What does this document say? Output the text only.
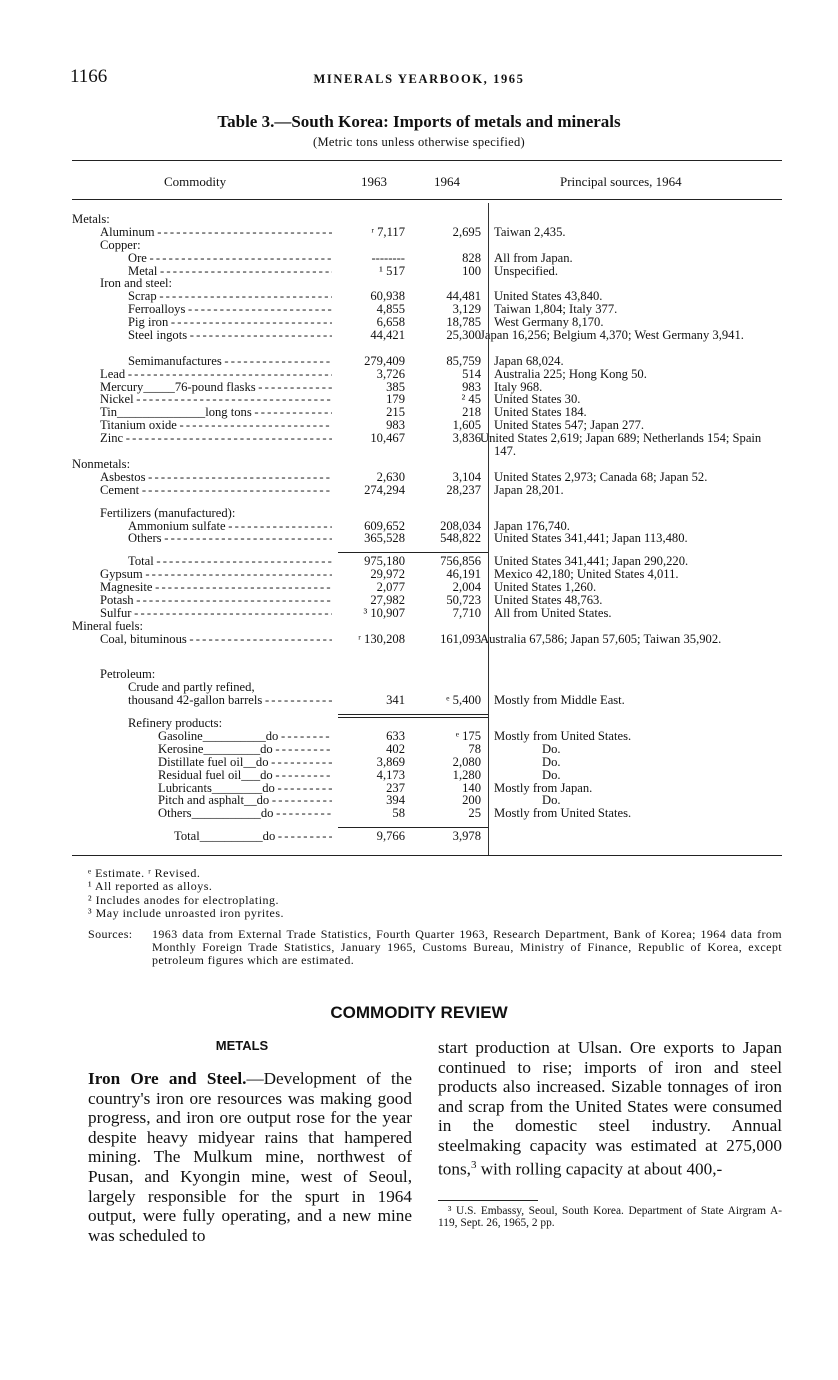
1166	MINERALS YEARBOOK, 1965
Table 3.—South Korea: Imports of metals and minerals
(Metric tons unless otherwise specified)
Commodity	1963	1964	Principal sources, 1964
Metals:
Aluminum - - -	ʳ 7,117	2,695 Taiwan 2,435.
Copper:
Ore - - -	--------	828 All from Japan.
Metal - - -	¹ 517	100 Unspecified.
Iron and steel:
Scrap - - -	60,938	44,481 United States 43,840.
Ferroalloys - - -	4,855	3,129 Taiwan 1,804; Italy 377.
Pig iron - - -	6,658	18,785 West Germany 8,170.
Steel ingots - - -	44,421	25,300 Japan 16,256; Belgium 4,370; West Germany 3,941.
Semimanufactures - - -	279,409	85,759 Japan 68,024.
Lead - - -	3,726	514 Australia 225; Hong Kong 50.
Mercury_____76-pound flasks - - -	385	983 Italy 968.
Nickel - - -	179	² 45 United States 30.
Tin______________long tons - - -	215	218 United States 184.
Titanium oxide - - -	983	1,605 United States 547; Japan 277.
Zinc - - -	10,467	3,836 United States 2,619; Japan 689; Netherlands 154; Spain 147.
Nonmetals:
Asbestos - - -	2,630	3,104 United States 2,973; Canada 68; Japan 52.
Cement - - -	274,294	28,237 Japan 28,201.
Fertilizers (manufactured):
Ammonium sulfate - - -	609,652	208,034 Japan 176,740.
Others - - -	365,528	548,822 United States 341,441; Japan 113,480.
Total - - -	975,180	756,856 United States 341,441; Japan 290,220.
Gypsum - - -	29,972	46,191 Mexico 42,180; United States 4,011.
Magnesite - - -	2,077	2,004 United States 1,260.
Potash - - -	27,982	50,723 United States 48,763.
Sulfur - - -	³ 10,907	7,710 All from United States.
Mineral fuels:
Coal, bituminous - - -	ʳ 130,208	161,093 Australia 67,586; Japan 57,605; Taiwan 35,902.
Petroleum:
Crude and partly refined,
thousand 42-gallon barrels - - -	341	ᵉ 5,400 Mostly from Middle East.
Refinery products:
Gasoline__________do - - -	633	ᵉ 175 Mostly from United States.
Kerosine_________do - - -	402	78	Do.
Distillate fuel oil__do - - -	3,869	2,080	Do.
Residual fuel oil___do - - -	4,173	1,280	Do.
Lubricants________do - - -	237	140 Mostly from Japan.
Pitch and asphalt__do - - -	394	200	Do.
Others___________do - - -	58	25 Mostly from United States.
Total__________do - - -	9,766	3,978
ᵉ Estimate. ʳ Revised.
¹ All reported as alloys.
² Includes anodes for electroplating.
³ May include unroasted iron pyrites.
Sources:	1963 data from External Trade Statistics, Fourth Quarter 1963, Research Department, Bank of Korea; 1964 data from Monthly Foreign Trade Statistics, January 1965, Customs Bureau, Ministry of Finance, Republic of Korea, except petroleum figures which are estimated.
COMMODITY REVIEW
METALS
Iron Ore and Steel.—Development of the country's iron ore resources was making good progress, and iron ore output rose for the year despite heavy midyear rains that hampered mining. The Mulkum mine, northwest of Pusan, and Kyongin mine, west of Seoul, largely responsible for the spurt in 1964 output, were fully operating, and a new mine was scheduled to
start production at Ulsan. Ore exports to Japan continued to rise; imports of iron and steel products also increased. Sizable tonnages of iron and scrap from the United States were consumed in the domestic steel industry. Annual steelmaking capacity was estimated at 275,000 tons,$^3$ with rolling capacity at about 400,-
³ U.S. Embassy, Seoul, South Korea. Department of State Airgram A-119, Sept. 26, 1965, 2 pp.
